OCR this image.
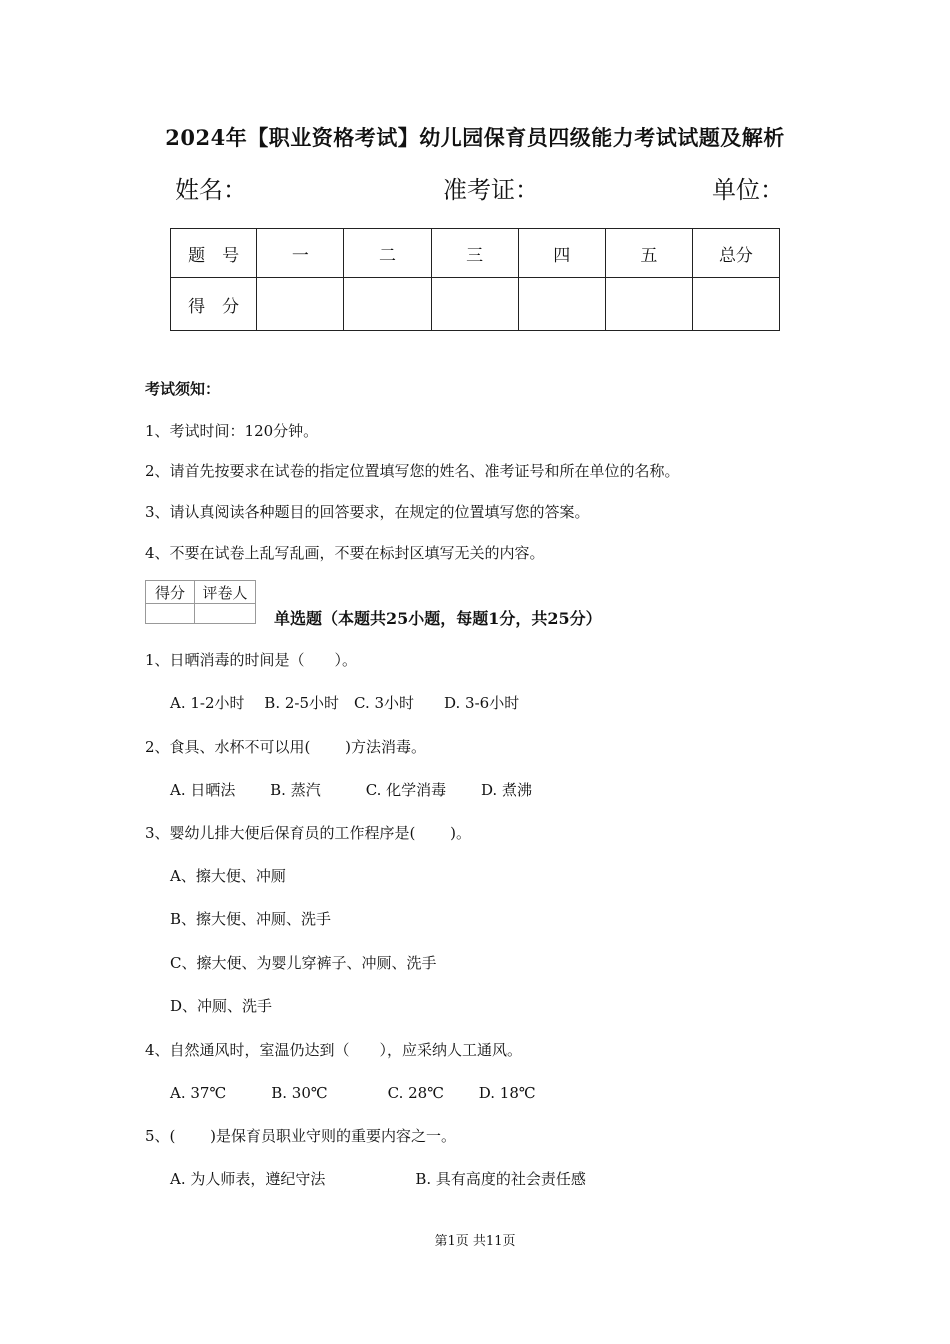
2024年【职业资格考试】幼儿园保育员四级能力考试试题及解析
姓名：	准考证：	单位：
题　号	一	二	三	四	五	总分
得　分						
考试须知：
1、考试时间：120分钟。
2、请首先按要求在试卷的指定位置填写您的姓名、准考证号和所在单位的名称。
3、请认真阅读各种题目的回答要求，在规定的位置填写您的答案。
4、不要在试卷上乱写乱画，不要在标封区填写无关的内容。
得分	评卷人

单选题（本题共25小题，每题1分，共25分）
1、日晒消毒的时间是（　　）。
A. 1-2小时　 B. 2-5小时　C. 3小时　　D. 3-6小时
2、食具、水杯不可以用(　　 )方法消毒。
A. 日晒法　　 B. 蒸汽　　　C. 化学消毒　　 D. 煮沸
3、婴幼儿排大便后保育员的工作程序是(　　 )。
A、擦大便、冲厕
B、擦大便、冲厕、洗手
C、擦大便、为婴儿穿裤子、冲厕、洗手
D、冲厕、洗手
4、自然通风时，室温仍达到（　　），应采纳人工通风。
A. 37℃　　　B. 30℃　　　　C. 28℃　　 D. 18℃
5、(　　 )是保育员职业守则的重要内容之一。
A. 为人师表，遵纪守法　　　　　　B. 具有高度的社会责任感
第1页 共11页
